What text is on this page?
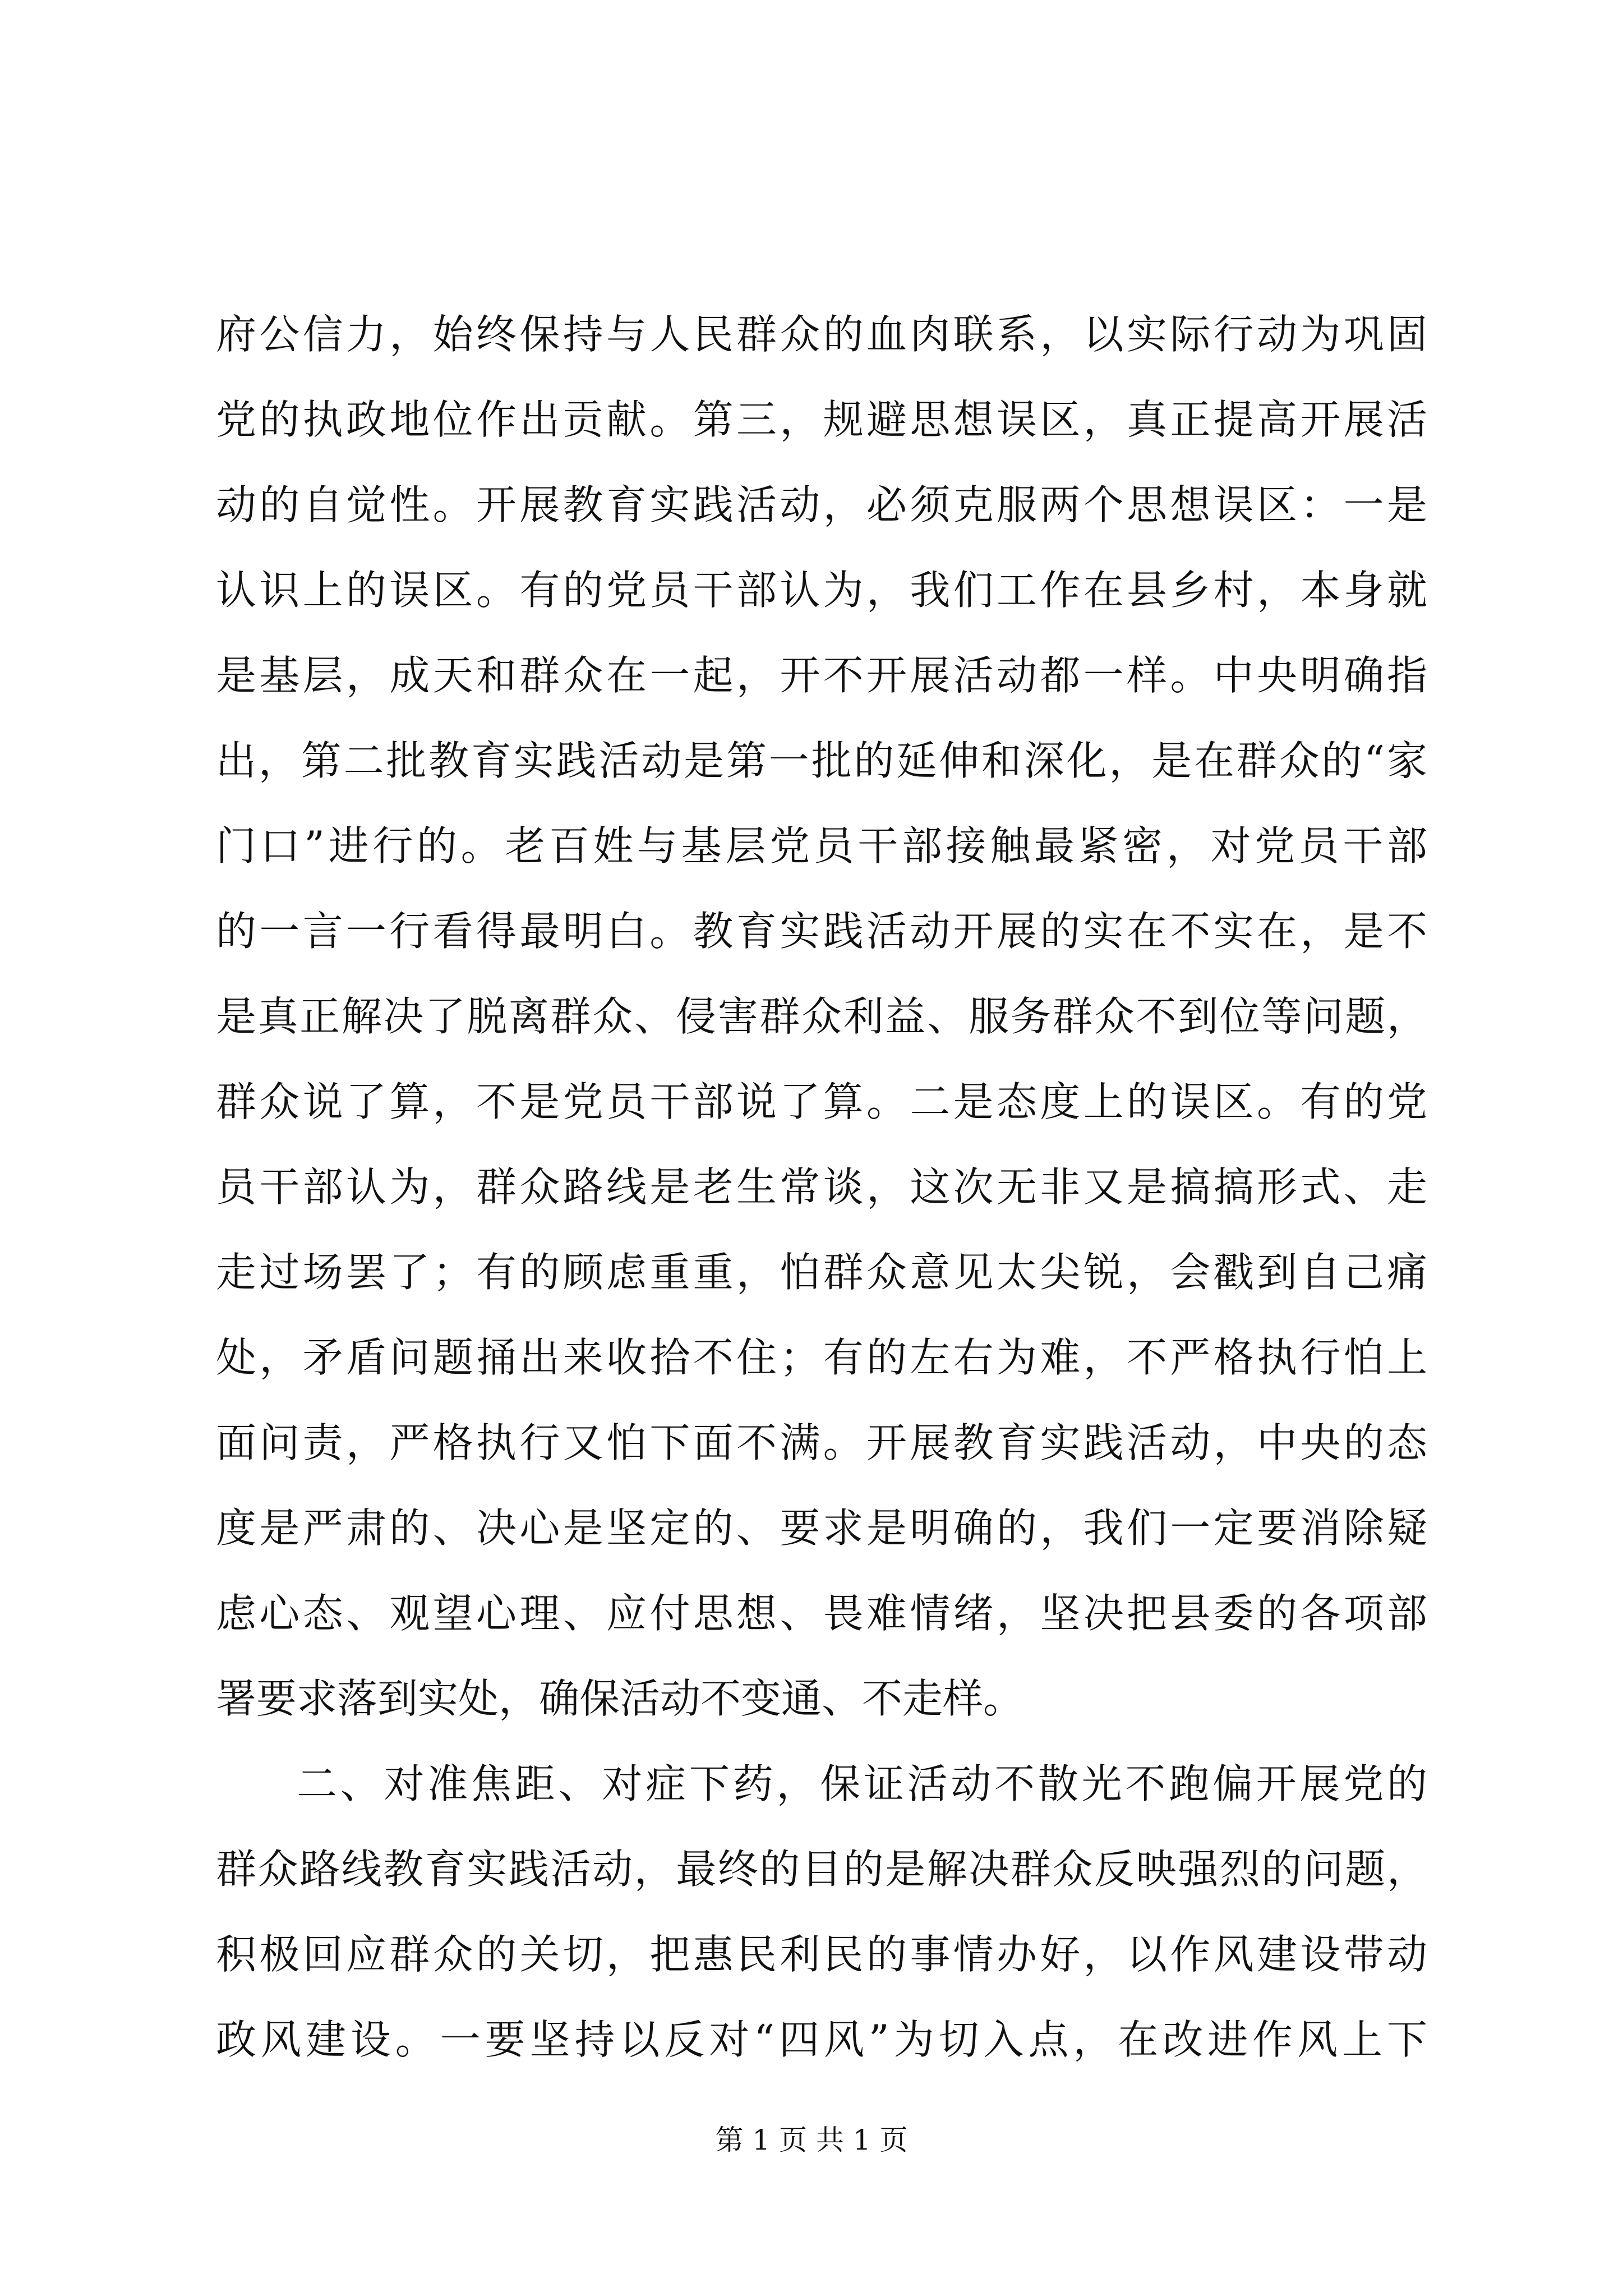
府公信力，始终保持与人民群众的血肉联系，以实际行动为巩固
党的执政地位作出贡献。第三，规避思想误区，真正提高开展活
动的自觉性。开展教育实践活动，必须克服两个思想误区：一是
认识上的误区。有的党员干部认为，我们工作在县乡村，本身就
是基层，成天和群众在一起，开不开展活动都一样。中央明确指
出，第二批教育实践活动是第一批的延伸和深化，是在群众的“家
门口”进行的。老百姓与基层党员干部接触最紧密，对党员干部
的一言一行看得最明白。教育实践活动开展的实在不实在，是不
是真正解决了脱离群众、侵害群众利益、服务群众不到位等问题，
群众说了算，不是党员干部说了算。二是态度上的误区。有的党
员干部认为，群众路线是老生常谈，这次无非又是搞搞形式、走
走过场罢了；有的顾虑重重，怕群众意见太尖锐，会戳到自己痛
处，矛盾问题捅出来收拾不住；有的左右为难，不严格执行怕上
面问责，严格执行又怕下面不满。开展教育实践活动，中央的态
度是严肃的、决心是坚定的、要求是明确的，我们一定要消除疑
虑心态、观望心理、应付思想、畏难情绪，坚决把县委的各项部
署要求落到实处，确保活动不变通、不走样。
二、对准焦距、对症下药，保证活动不散光不跑偏开展党的
群众路线教育实践活动，最终的目的是解决群众反映强烈的问题，
积极回应群众的关切，把惠民利民的事情办好，以作风建设带动
政风建设。一要坚持以反对“四风”为切入点，在改进作风上下
第 1 页 共 1 页
